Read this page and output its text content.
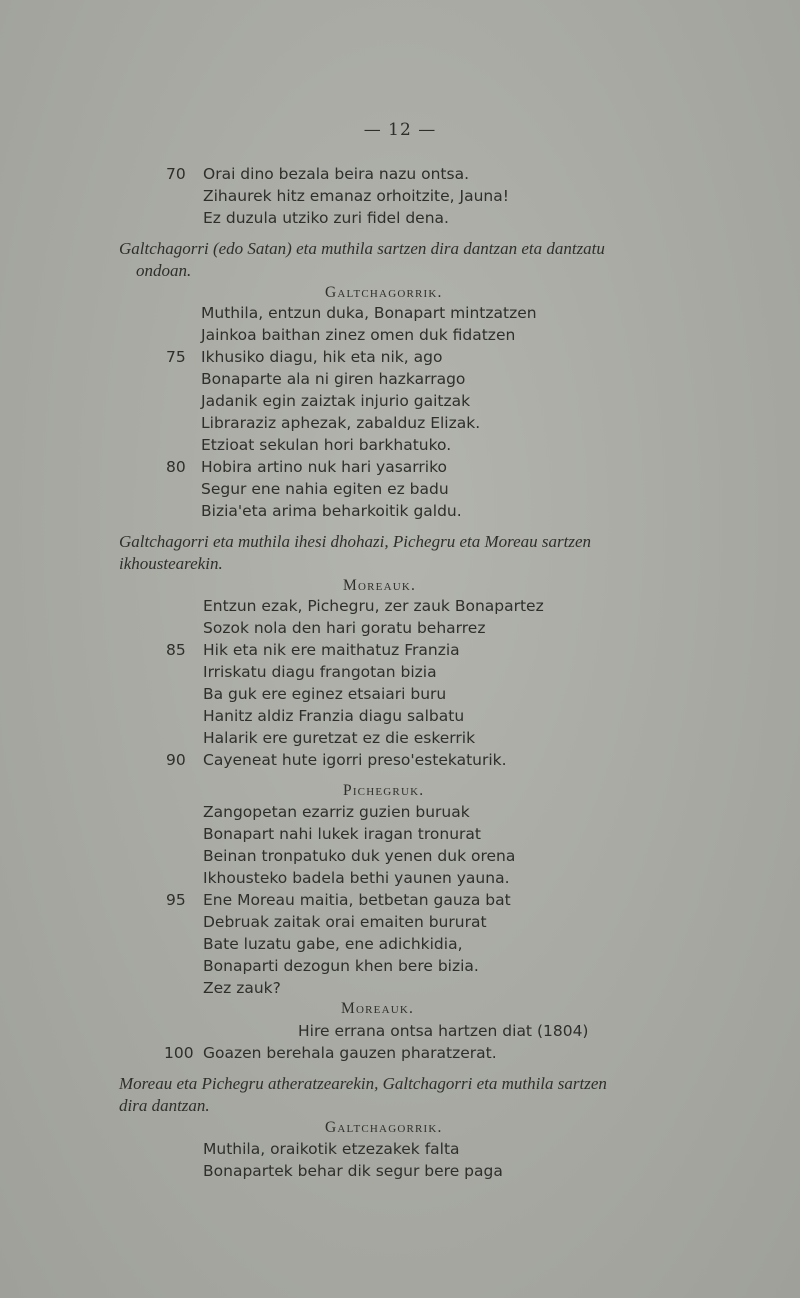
— 12 —
70 Orai dino bezala beira nazu ontsa.
Zihaurek hitz emanaz orhoitzite, Jauna!
Ez duzula utziko zuri fidel dena.
Galtchagorri (edo Satan) eta muthila sartzen dira dantzan eta dantzatu
ondoan.
Galtchagorrik.
Muthila, entzun duka, Bonapart mintzatzen
Jainkoa baithan zinez omen duk fidatzen
75 Ikhusiko diagu, hik eta nik, ago
Bonaparte ala ni giren hazkarrago
Jadanik egin zaiztak injurio gaitzak
Libraraziz aphezak, zabalduz Elizak.
Etzioat sekulan hori barkhatuko.
80 Hobira artino nuk hari yasarriko
Segur ene nahia egiten ez badu
Bizia'eta arima beharkoitik galdu.
Galtchagorri eta muthila ihesi dhohazi, Pichegru eta Moreau sartzen
ikhoustearekin.
Moreauk.
Entzun ezak, Pichegru, zer zauk Bonapartez
Sozok nola den hari goratu beharrez
85 Hik eta nik ere maithatuz Franzia
Irriskatu diagu frangotan bizia
Ba guk ere eginez etsaiari buru
Hanitz aldiz Franzia diagu salbatu
Halarik ere guretzat ez die eskerrik
90 Cayeneat hute igorri preso'estekaturik.
Pichegruk.
Zangopetan ezarriz guzien buruak
Bonapart nahi lukek iragan tronurat
Beinan tronpatuko duk yenen duk orena
Ikhousteko badela bethi yaunen yauna.
95 Ene Moreau maitia, betbetan gauza bat
Debruak zaitak orai emaiten bururat
Bate luzatu gabe, ene adichkidia,
Bonaparti dezogun khen bere bizia.
Zez zauk?
Moreauk.
Hire errana ontsa hartzen diat (1804)
100 Goazen berehala gauzen pharatzerat.
Moreau eta Pichegru atheratzearekin, Galtchagorri eta muthila sartzen
dira dantzan.
Galtchagorrik.
Muthila, oraikotik etzezakek falta
Bonapartek behar dik segur bere paga
